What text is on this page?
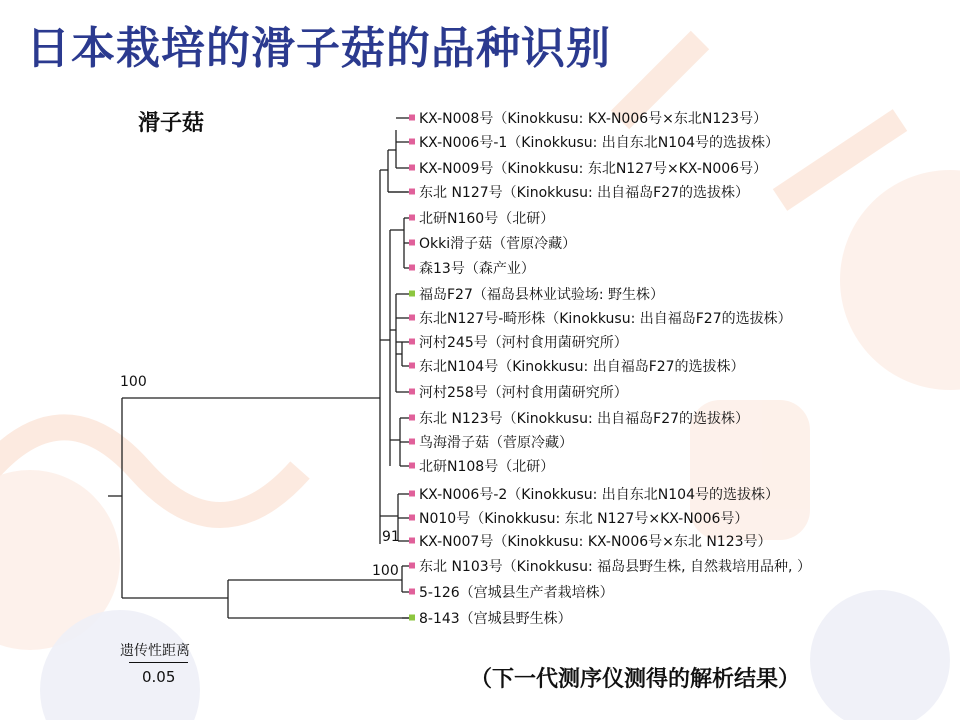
日本栽培的滑子菇的品种识别
滑子菇	KX-N008号（Kinokkusu: KX-N006号×东北N123号）
KX-N006号-1（Kinokkusu: 出自东北N104号的选拔株）
KX-N009号（Kinokkusu: 东北N127号×KX-N006号）
东北 N127号（Kinokkusu: 出自福岛F27的选拔株）
北研N160号（北研）
Okki滑子菇（菅原冷藏）
森13号（森产业）
福岛F27（福岛县林业试验场: 野生株）
东北N127号-畸形株（Kinokkusu: 出自福岛F27的选拔株）
河村245号（河村食用菌研究所）
东北N104号（Kinokkusu: 出自福岛F27的选拔株）
河村258号（河村食用菌研究所）
东北 N123号（Kinokkusu: 出自福岛F27的选拔株）
鸟海滑子菇（菅原冷藏）
北研N108号（北研）
KX-N006号-2（Kinokkusu: 出自东北N104号的选拔株）
N010号（Kinokkusu: 东北 N127号×KX-N006号）
KX-N007号（Kinokkusu: KX-N006号×东北 N123号）
东北 N103号（Kinokkusu: 福岛县野生株, 自然栽培用品种, ）
5-126（宫城县生产者栽培株）
8-143（宫城县野生株）
100
91
100
遗传性距离
0.05	（下一代测序仪测得的解析结果）
